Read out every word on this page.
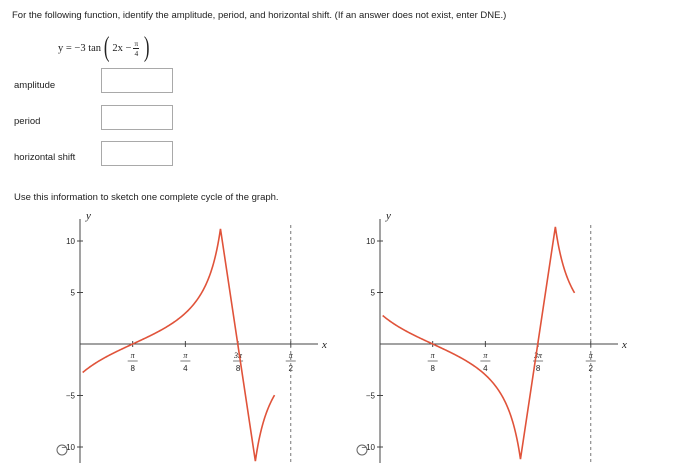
For the following function, identify the amplitude, period, and horizontal shift. (If an answer does not exist, enter DNE.)
y = −3 tan ( $2x - \frac{\pi}{4}$ )
amplitude
period
horizontal shift
Use this information to sketch one complete cycle of the graph.
y
x
10
5
−5
−10
π
8
π
4
3π
8
π
2
y
x
10
5
−5
−10
π
8
π
4
3π
8
π
2
